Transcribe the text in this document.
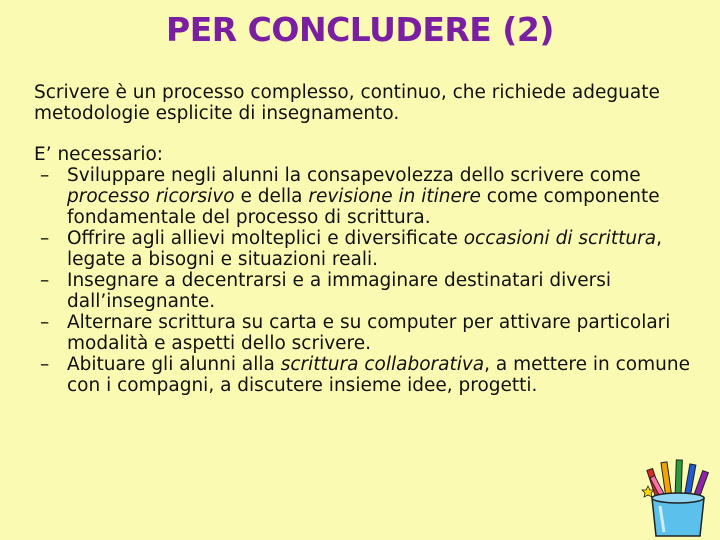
PER CONCLUDERE (2)

Scrivere è un processo complesso, continuo, che richiede adeguate metodologie esplicite di insegnamento.

E’ necessario:

– Sviluppare negli alunni la consapevolezza dello scrivere come processo ricorsivo e della revisione in itinere come componente fondamentale del processo di scrittura.
– Offrire agli allievi molteplici e diversificate occasioni di scrittura, legate a bisogni e situazioni reali.
– Insegnare a decentrarsi e a immaginare destinatari diversi dall’insegnante.
– Alternare scrittura su carta e su computer per attivare particolari modalità e aspetti dello scrivere.
– Abituare gli alunni alla scrittura collaborativa, a mettere in comune con i compagni, a discutere insieme idee, progetti.
